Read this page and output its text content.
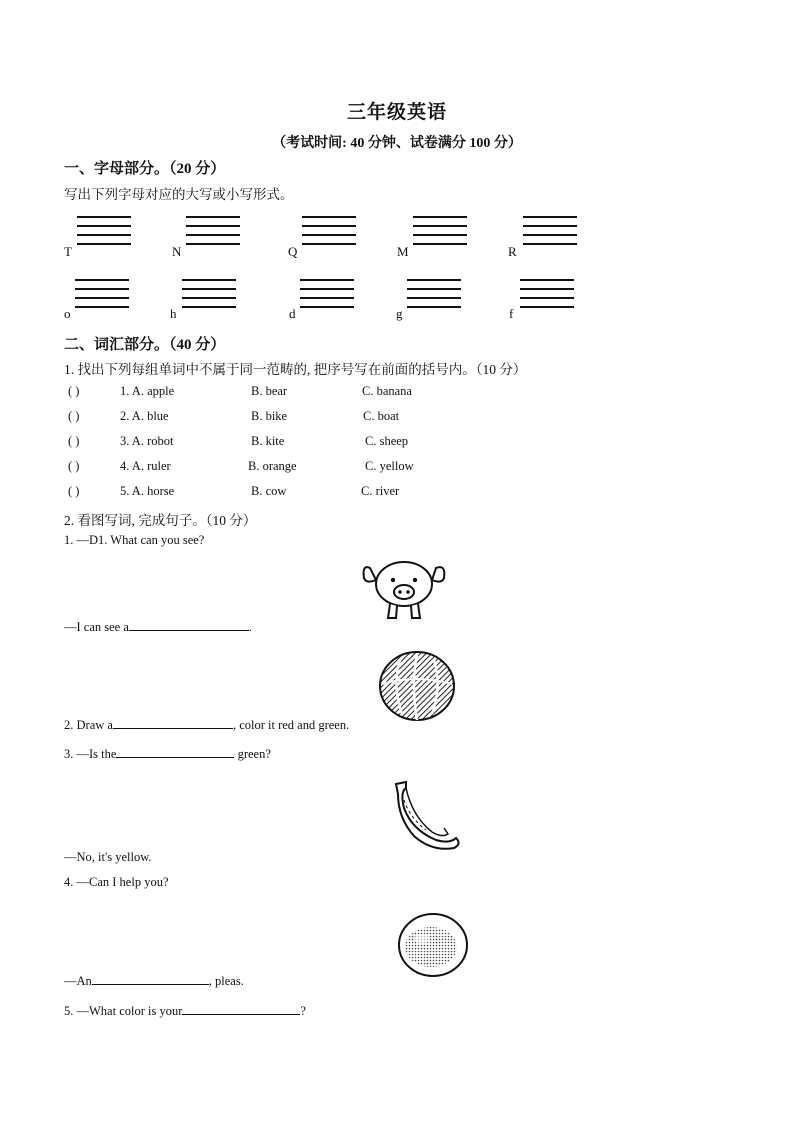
三年级英语
（考试时间: 40 分钟、试卷满分 100 分）
一、字母部分。（20 分）
写出下列字母对应的大写或小写形式。
T	N	Q	M	R
o	h	d	g	f
二、词汇部分。（40 分）
1. 找出下列每组单词中不属于同一范畴的, 把序号写在前面的括号内。（10 分）
( )	1. A. apple	B. bear	C. banana
( )	2. A. blue	B. bike	C. boat
( )	3. A. robot	B. kite	C. sheep
( )	4. A. ruler	B. orange	C. yellow
( )	5. A. horse	B. cow	C. river
2. 看图写词, 完成句子。（10 分）
1. —D1. What can you see?
—I can see a	.
2. Draw a	, color it red and green.
3. —Is the	green?
—No, it's yellow.
4. —Can I help you?
—An	, pleas.
5. —What color is your	?
